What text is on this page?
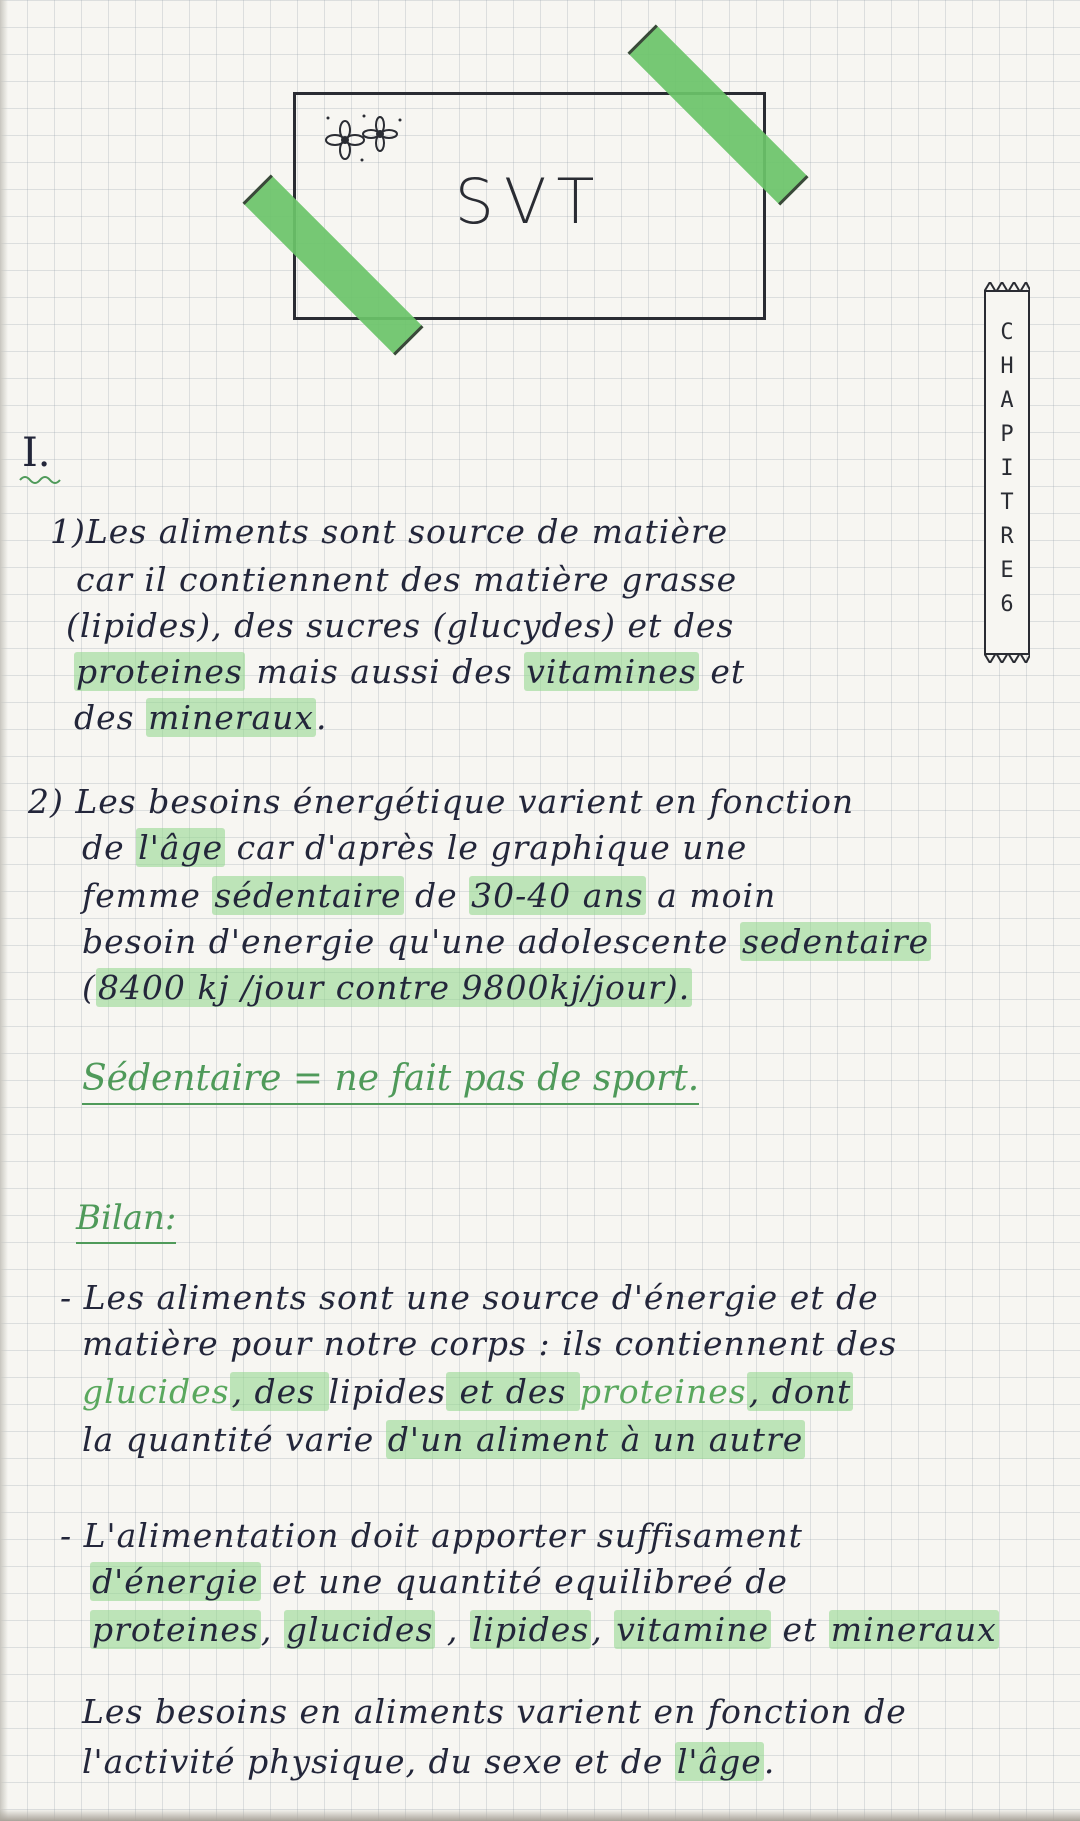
SVT
C
H
A
P
I
T
R
E
6
I.
1)Les aliments sont source de matière
car il contiennent des matière grasse
(lipides), des sucres (glucydes) et des
proteines mais aussi des vitamines et
des mineraux.
2) Les besoins énergétique varient en fonction
de l'âge car d'après le graphique une
femme sédentaire de 30-40 ans a moin
besoin d'energie qu'une adolescente sedentaire
(8400 kj /jour contre 9800kj/jour).
Sédentaire = ne fait pas de sport.
Bilan:
- Les aliments sont une source d'énergie et de
matière pour notre corps : ils contiennent des
glucides, des lipides et des proteines, dont
la quantité varie d'un aliment à un autre
- L'alimentation doit apporter suffisament
d'énergie et une quantité equilibreé de
proteines, glucides , lipides, vitamine et mineraux
Les besoins en aliments varient en fonction de
l'activité physique, du sexe et de l'âge.
